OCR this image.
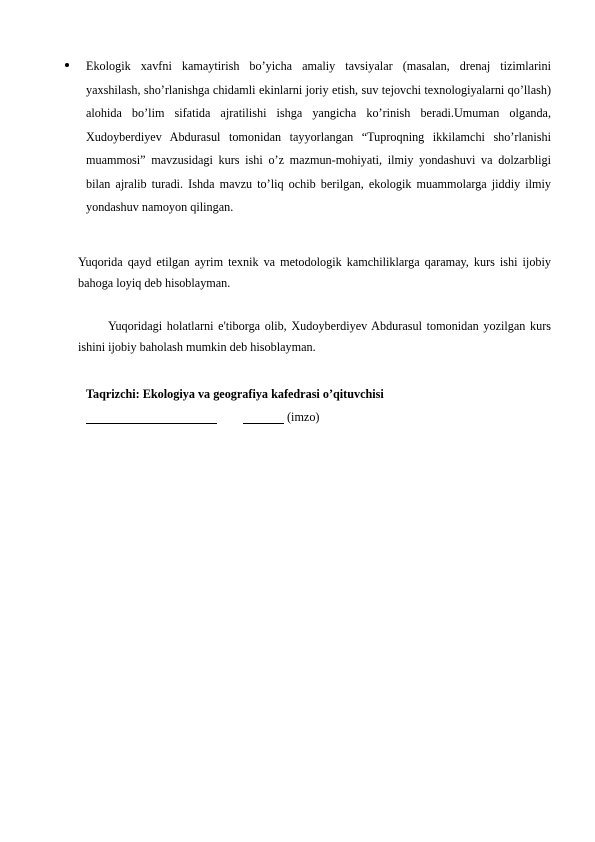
Ekologik xavfni kamaytirish bo’yicha amaliy tavsiyalar (masalan, drenaj tizimlarini yaxshilash, sho’rlanishga chidamli ekinlarni joriy etish, suv tejovchi texnologiyalarni qo’llash) alohida bo’lim sifatida ajratilishi ishga yangicha ko’rinish beradi.Umuman olganda, Xudoyberdiyev Abdurasul tomonidan tayyorlangan “Tuproqning ikkilamchi sho’rlanishi muammosi” mavzusidagi kurs ishi o’z mazmun-mohiyati, ilmiy yondashuvi va dolzarbligi bilan ajralib turadi. Ishda mavzu to’liq ochib berilgan, ekologik muammolarga jiddiy ilmiy yondashuv namoyon qilingan.
Yuqorida qayd etilgan ayrim texnik va metodologik kamchiliklarga qaramay, kurs ishi ijobiy bahoga loyiq deb hisoblayman.
Yuqoridagi holatlarni e'tiborga olib, Xudoyberdiyev Abdurasul tomonidan yozilgan kurs ishini ijobiy baholash mumkin deb hisoblayman.
Taqrizchi: Ekologiya va geografiya kafedrasi o’qituvchisi
(imzo)
